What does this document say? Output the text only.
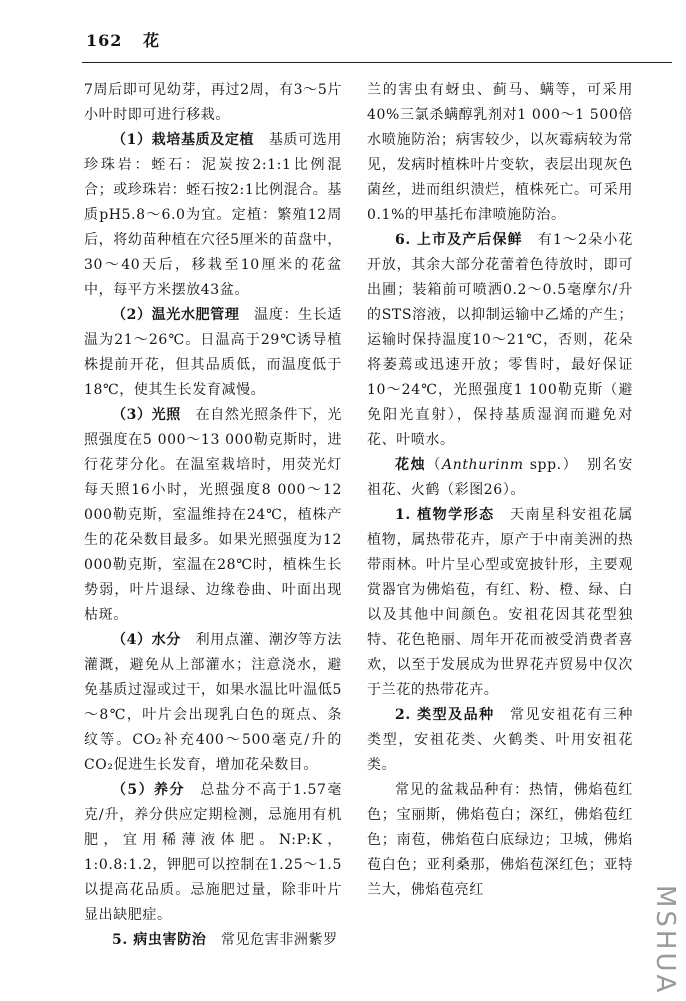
162 花

7周后即可见幼芽，再过2周，有3～5片小叶时即可进行移栽。

（1）栽培基质及定植　基质可选用珍珠岩：蛭石：泥炭按2:1:1比例混合；或珍珠岩：蛭石按2:1比例混合。基质pH5.8～6.0为宜。定植：繁殖12周后，将幼苗种植在穴径5厘米的苗盘中，30～40天后，移栽至10厘米的花盆中，每平方米摆放43盆。

（2）温光水肥管理　温度：生长适温为21～26℃。日温高于29℃诱导植株提前开花，但其品质低，而温度低于18℃，使其生长发育减慢。

（3）光照　在自然光照条件下，光照强度在5 000～13 000勒克斯时，进行花芽分化。在温室栽培时，用荧光灯每天照16小时，光照强度8 000～12 000勒克斯，室温维持在24℃，植株产生的花朵数目最多。如果光照强度为12 000勒克斯，室温在28℃时，植株生长势弱，叶片退绿、边缘卷曲、叶面出现枯斑。

（4）水分　利用点灌、潮汐等方法灌溉，避免从上部灌水；注意浇水，避免基质过湿或过干，如果水温比叶温低5～8℃，叶片会出现乳白色的斑点、条纹等。CO₂补充400～500毫克/升的CO₂促进生长发育，增加花朵数目。

（5）养分　总盐分不高于1.57毫克/升，养分供应定期检测，忌施用有机肥，宜用稀薄液体肥。N:P:K，1:0.8:1.2，钾肥可以控制在1.25～1.5以提高花品质。忌施肥过量，除非叶片显出缺肥症。

5. 病虫害防治　常见危害非洲紫罗

兰的害虫有蚜虫、蓟马、螨等，可采用40%三氯杀螨醇乳剂对1 000～1 500倍水喷施防治；病害较少，以灰霉病较为常见，发病时植株叶片变软，表层出现灰色菌丝，进而组织溃烂，植株死亡。可采用0.1%的甲基托布津喷施防治。

6. 上市及产后保鲜　有1～2朵小花开放，其余大部分花蕾着色待放时，即可出圃；装箱前可喷洒0.2～0.5毫摩尔/升的STS溶液，以抑制运输中乙烯的产生；运输时保持温度10～21℃，否则，花朵将萎蔫或迅速开放；零售时，最好保证10～24℃，光照强度1 100勒克斯（避免阳光直射），保持基质湿润而避免对花、叶喷水。

花烛（Anthurinm spp.）　别名安祖花、火鹤（彩图26）。

1. 植物学形态　天南星科安祖花属植物，属热带花卉，原产于中南美洲的热带雨林。叶片呈心型或宽披针形，主要观赏器官为佛焰苞，有红、粉、橙、绿、白以及其他中间颜色。安祖花因其花型独特、花色艳丽、周年开花而被受消费者喜欢，以至于发展成为世界花卉贸易中仅次于兰花的热带花卉。

2. 类型及品种　常见安祖花有三种类型，安祖花类、火鹤类、叶用安祖花类。

常见的盆栽品种有：热情，佛焰苞红色；宝丽斯，佛焰苞白；深红，佛焰苞红色；南苞，佛焰苞白底绿边；卫城，佛焰苞白色；亚利桑那，佛焰苞深红色；亚特兰大，佛焰苞亮红	MSHUA
